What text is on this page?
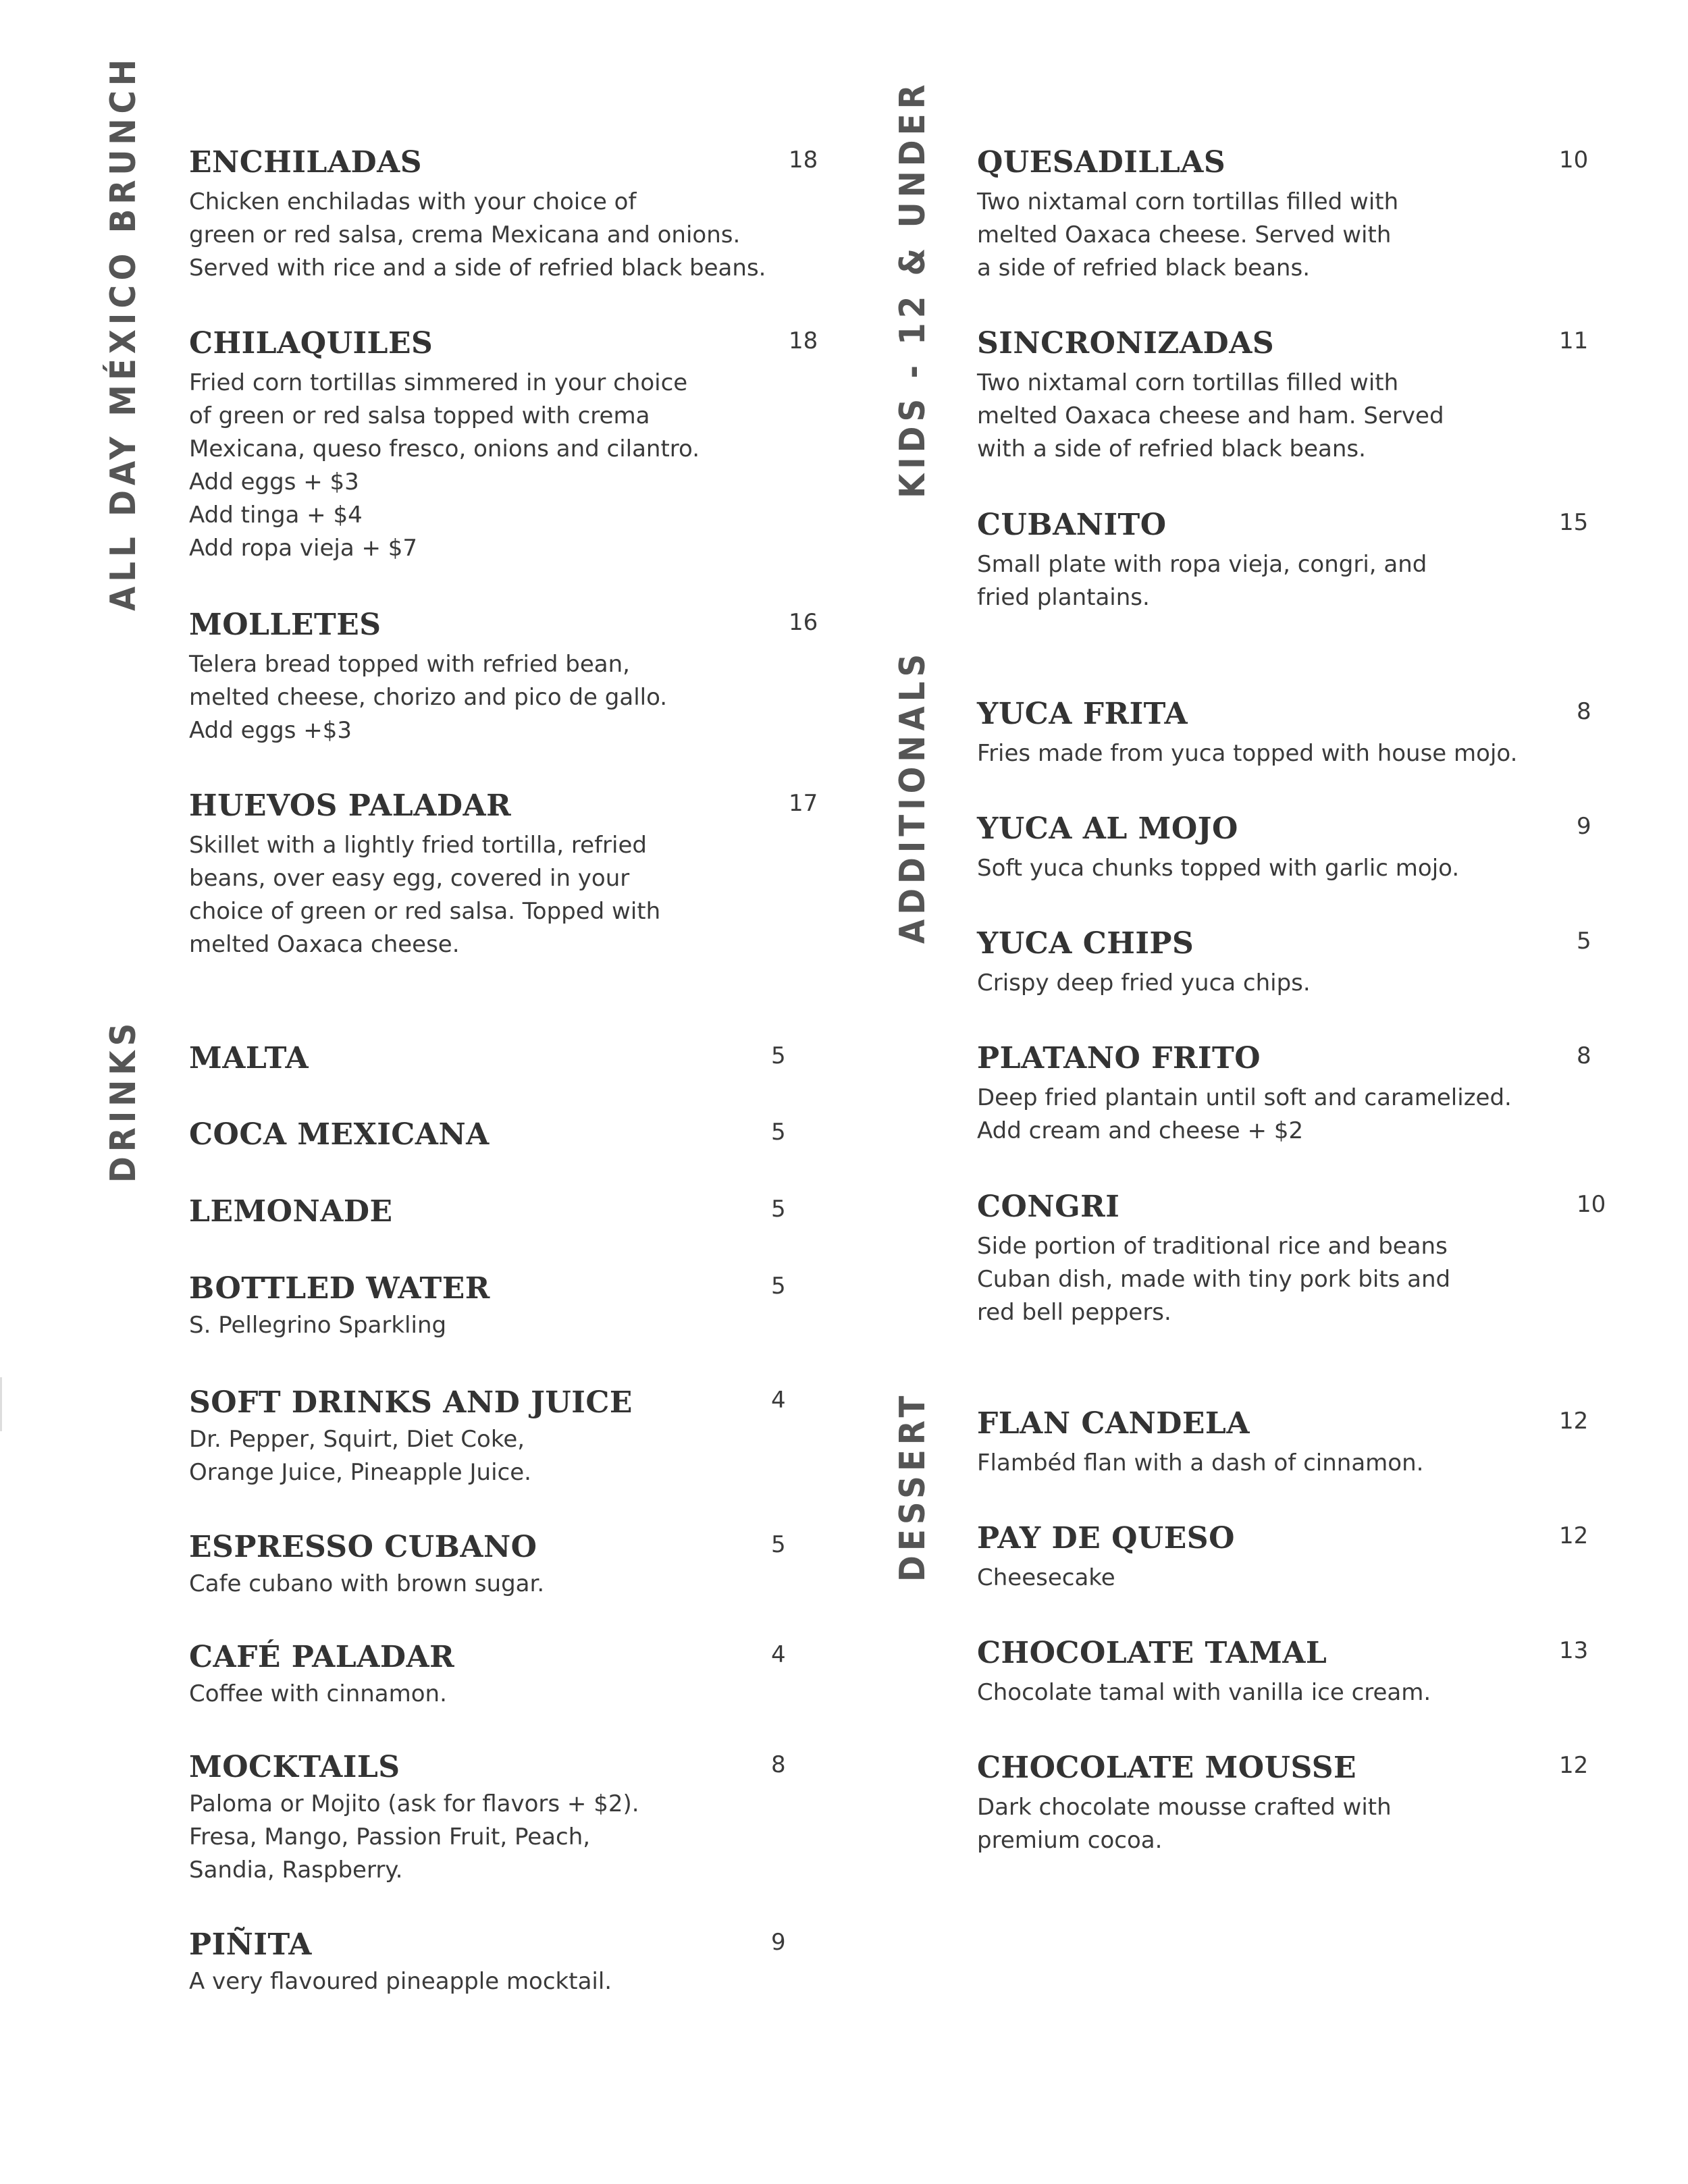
ALL DAY MÉXICO BRUNCH
DRINKS
KIDS - 12 & UNDER
ADDITIONALS
DESSERT
ENCHILADAS	18
Chicken enchiladas with your choice of
green or red salsa, crema Mexicana and onions.
Served with rice and a side of refried black beans.
CHILAQUILES	18
Fried corn tortillas simmered in your choice
of green or red salsa topped with crema
Mexicana, queso fresco, onions and cilantro.
Add eggs + $3
Add tinga + $4
Add ropa vieja + $7
MOLLETES	16
Telera bread topped with refried bean,
melted cheese, chorizo and pico de gallo.
Add eggs +$3
HUEVOS PALADAR	17
Skillet with a lightly fried tortilla, refried
beans, over easy egg, covered in your
choice of green or red salsa. Topped with
melted Oaxaca cheese.
MALTA	5
COCA MEXICANA	5
LEMONADE	5
BOTTLED WATER	5
S. Pellegrino Sparkling
SOFT DRINKS AND JUICE	4
Dr. Pepper, Squirt, Diet Coke,
Orange Juice, Pineapple Juice.
ESPRESSO CUBANO	5
Cafe cubano with brown sugar.
CAFÉ PALADAR	4
Coffee with cinnamon.
MOCKTAILS	8
Paloma or Mojito (ask for flavors + $2).
Fresa, Mango, Passion Fruit, Peach,
Sandia, Raspberry.
PIÑITA	9
A very flavoured pineapple mocktail.
QUESADILLAS	10
Two nixtamal corn tortillas filled with
melted Oaxaca cheese. Served with
a side of refried black beans.
SINCRONIZADAS	11
Two nixtamal corn tortillas filled with
melted Oaxaca cheese and ham. Served
with a side of refried black beans.
CUBANITO	15
Small plate with ropa vieja, congri, and
fried plantains.
YUCA FRITA	8
Fries made from yuca topped with house mojo.
YUCA AL MOJO	9
Soft yuca chunks topped with garlic mojo.
YUCA CHIPS	5
Crispy deep fried yuca chips.
PLATANO FRITO	8
Deep fried plantain until soft and caramelized.
Add cream and cheese + $2
CONGRI	10
Side portion of traditional rice and beans
Cuban dish, made with tiny pork bits and
red bell peppers.
FLAN CANDELA	12
Flambéd flan with a dash of cinnamon.
PAY DE QUESO	12
Cheesecake
CHOCOLATE TAMAL	13
Chocolate tamal with vanilla ice cream.
CHOCOLATE MOUSSE	12
Dark chocolate mousse crafted with
premium cocoa.
